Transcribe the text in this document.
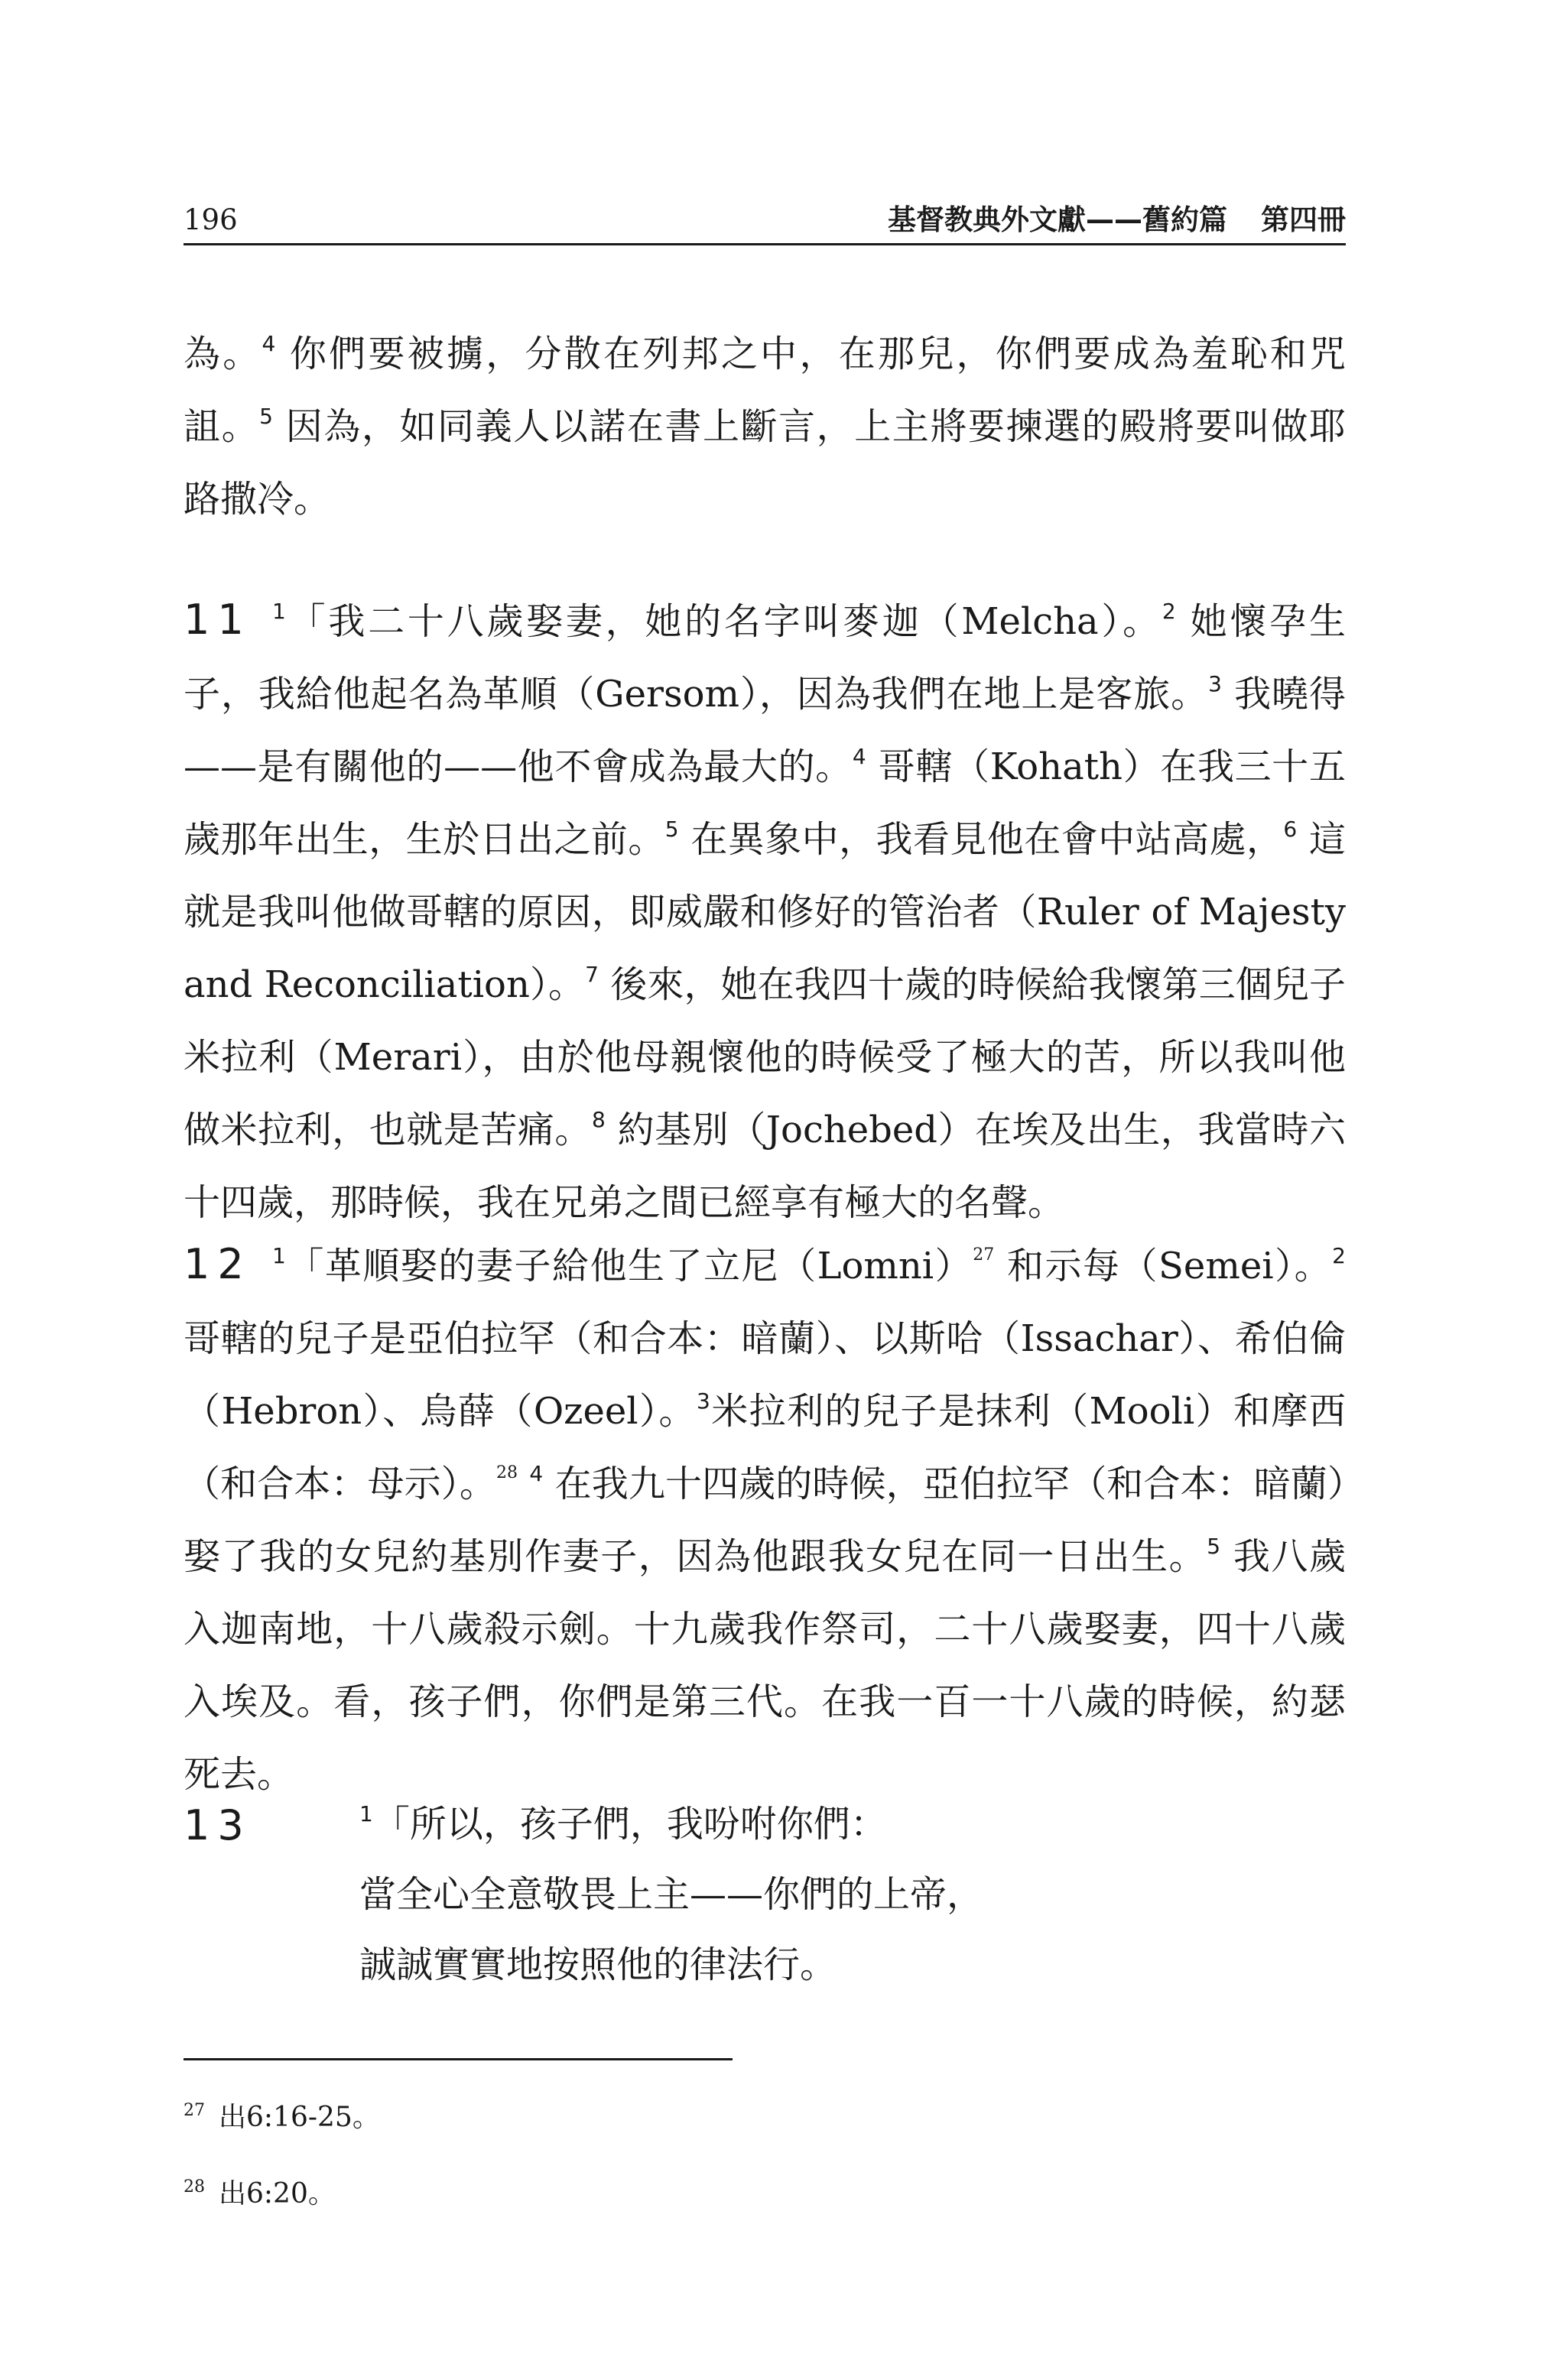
196	基督教典外文獻——舊約篇 第四冊

為。$^4$ 你們要被擄，分散在列邦之中，在那兒，你們要成為羞恥和咒詛。$^5$ 因為，如同義人以諾在書上斷言，上主將要揀選的殿將要叫做耶路撒冷。

11 $^1$「我二十八歲娶妻，她的名字叫麥迦（Melcha）。$^2$ 她懷孕生子，我給他起名為革順（Gersom），因為我們在地上是客旅。$^3$ 我曉得——是有關他的——他不會成為最大的。$^4$ 哥轄（Kohath）在我三十五歲那年出生，生於日出之前。$^5$ 在異象中，我看見他在會中站高處，$^6$ 這就是我叫他做哥轄的原因，即威嚴和修好的管治者（Ruler of Majesty and Reconciliation）。$^7$ 後來，她在我四十歲的時候給我懷第三個兒子米拉利（Merari），由於他母親懷他的時候受了極大的苦，所以我叫他做米拉利，也就是苦痛。$^8$ 約基別（Jochebed）在埃及出生，我當時六十四歲，那時候，我在兄弟之間已經享有極大的名聲。

12 $^1$「革順娶的妻子給他生了立尼（Lomni）$^{27}$ 和示每（Semei）。$^2$ 哥轄的兒子是亞伯拉罕（和合本：暗蘭）、以斯哈（Issachar）、希伯倫（Hebron）、烏薛（Ozeel）。$^3$米拉利的兒子是抹利（Mooli）和摩西（和合本：母示）。$^{28}$ $^4$ 在我九十四歲的時候，亞伯拉罕（和合本：暗蘭）娶了我的女兒約基別作妻子，因為他跟我女兒在同一日出生。$^5$ 我八歲入迦南地，十八歲殺示劍。十九歲我作祭司，二十八歲娶妻，四十八歲入埃及。看，孩子們，你們是第三代。在我一百一十八歲的時候，約瑟死去。

13	$^1$「所以，孩子們，我吩咐你們：
當全心全意敬畏上主——你們的上帝，
誠誠實實地按照他的律法行。
$^{27}$ 出6:16-25。
$^{28}$ 出6:20。
